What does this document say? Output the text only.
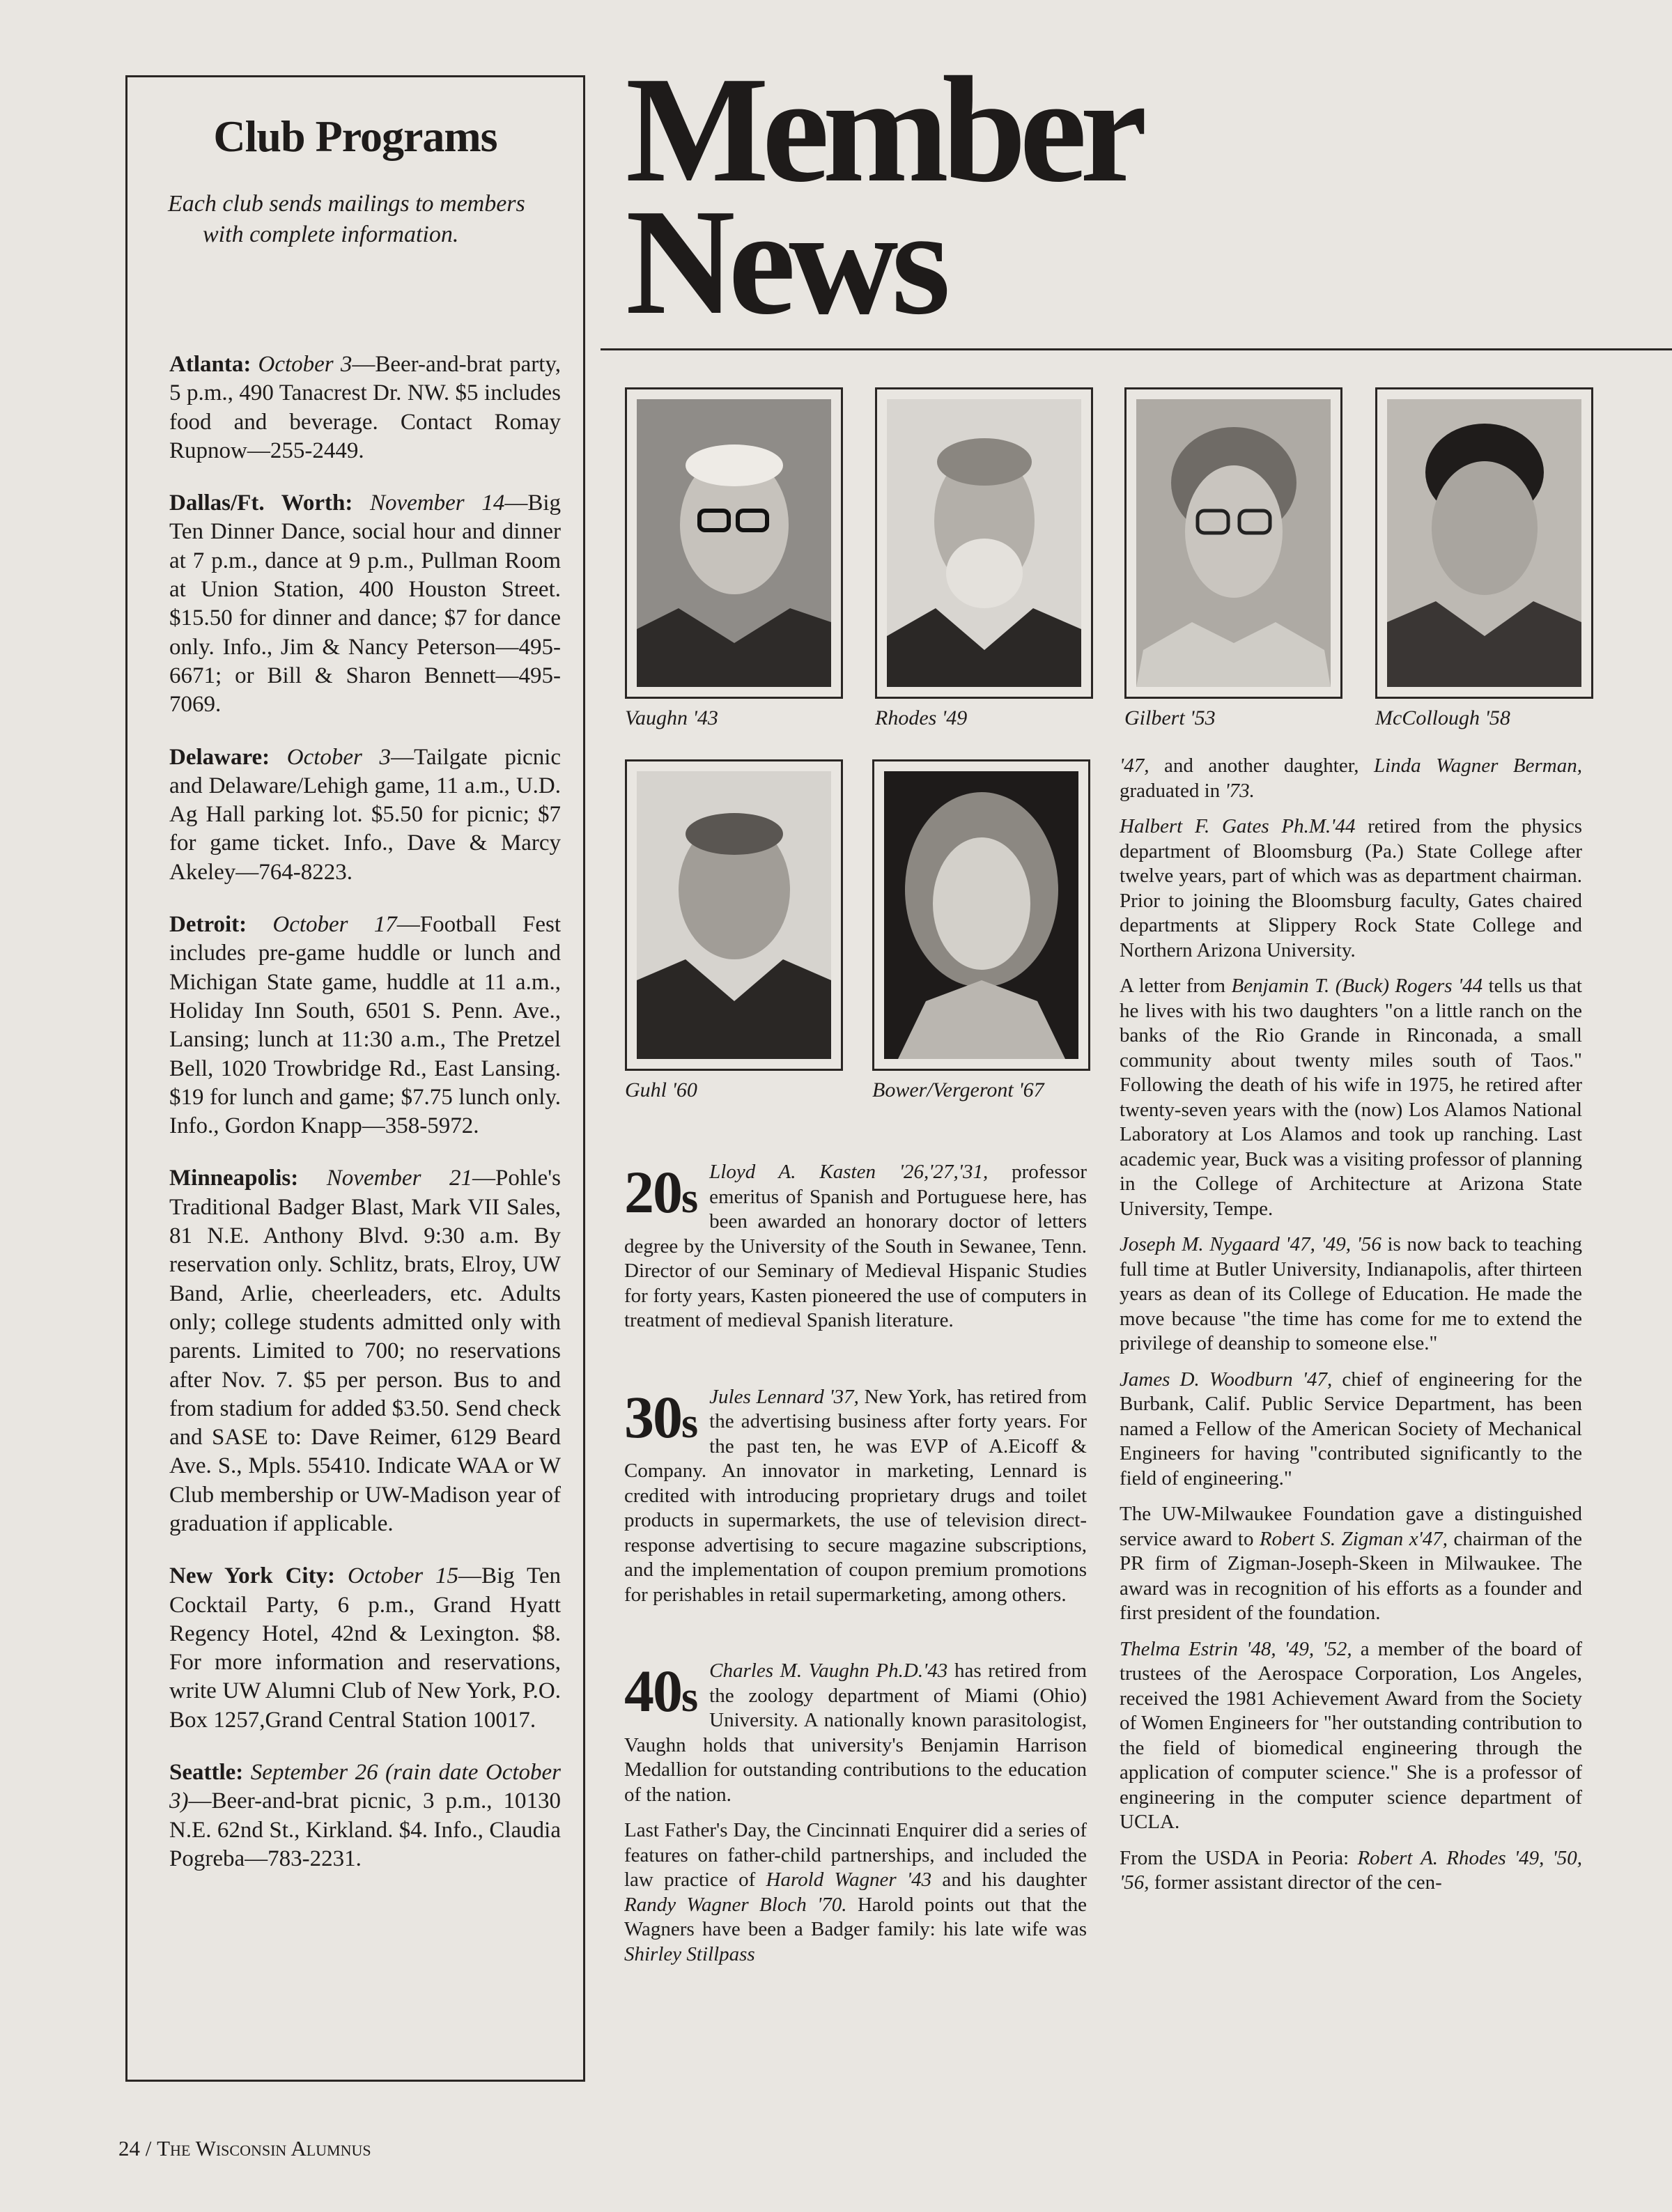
Club Programs
Each club sends mailings to members
with complete information.

Atlanta: October 3—Beer-and-brat party, 5 p.m., 490 Tanacrest Dr. NW. $5 includes food and beverage. Contact Romay Rupnow—255-2449.

Dallas/Ft. Worth: November 14—Big Ten Dinner Dance, social hour and dinner at 7 p.m., dance at 9 p.m., Pullman Room at Union Station, 400 Houston Street. $15.50 for dinner and dance; $7 for dance only. Info., Jim & Nancy Peterson—495-6671; or Bill & Sharon Bennett—495-7069.

Delaware: October 3—Tailgate picnic and Delaware/Lehigh game, 11 a.m., U.D. Ag Hall parking lot. $5.50 for picnic; $7 for game ticket. Info., Dave & Marcy Akeley—764-8223.

Detroit: October 17—Football Fest includes pre-game huddle or lunch and Michigan State game, huddle at 11 a.m., Holiday Inn South, 6501 S. Penn. Ave., Lansing; lunch at 11:30 a.m., The Pretzel Bell, 1020 Trowbridge Rd., East Lansing. $19 for lunch and game; $7.75 lunch only. Info., Gordon Knapp—358-5972.

Minneapolis: November 21—Pohle's Traditional Badger Blast, Mark VII Sales, 81 N.E. Anthony Blvd. 9:30 a.m. By reservation only. Schlitz, brats, Elroy, UW Band, Arlie, cheerleaders, etc. Adults only; college students admitted only with parents. Limited to 700; no reservations after Nov. 7. $5 per person. Bus to and from stadium for added $3.50. Send check and SASE to: Dave Reimer, 6129 Beard Ave. S., Mpls. 55410. Indicate WAA or W Club membership or UW-Madison year of graduation if applicable.

New York City: October 15—Big Ten Cocktail Party, 6 p.m., Grand Hyatt Regency Hotel, 42nd & Lexington. $8. For more information and reservations, write UW Alumni Club of New York, P.O. Box 1257,Grand Central Station 10017.

Seattle: September 26 (rain date October 3)—Beer-and-brat picnic, 3 p.m., 10130 N.E. 62nd St., Kirkland. $4. Info., Claudia Pogreba—783-2231.

Member
News
Vaughn '43	Rhodes '49	Gilbert '53	McCollough '58
Guhl '60	Bower/Vergeront '67

20s
Lloyd A. Kasten '26,'27,'31, professor emeritus of Spanish and Portuguese here, has been awarded an honorary doctor of letters degree by the University of the South in Sewanee, Tenn. Director of our Seminary of Medieval Hispanic Studies for forty years, Kasten pioneered the use of computers in treatment of medieval Spanish literature.

30s
Jules Lennard '37, New York, has retired from the advertising business after forty years. For the past ten, he was EVP of A.Eicoff & Company. An innovator in marketing, Lennard is credited with introducing proprietary drugs and toilet products in supermarkets, the use of television direct-response advertising to secure magazine subscriptions, and the implementation of coupon premium promotions for perishables in retail supermarketing, among others.

40s
Charles M. Vaughn Ph.D.'43 has retired from the zoology department of Miami (Ohio) University. A nationally known parasitologist, Vaughn holds that university's Benjamin Harrison Medallion for outstanding contributions to the education of the nation.

Last Father's Day, the Cincinnati Enquirer did a series of features on father-child partnerships, and included the law practice of Harold Wagner '43 and his daughter Randy Wagner Bloch '70. Harold points out that the Wagners have been a Badger family: his late wife was Shirley Stillpass

'47, and another daughter, Linda Wagner Berman, graduated in '73.

Halbert F. Gates Ph.M.'44 retired from the physics department of Bloomsburg (Pa.) State College after twelve years, part of which was as department chairman. Prior to joining the Bloomsburg faculty, Gates chaired departments at Slippery Rock State College and Northern Arizona University.

A letter from Benjamin T. (Buck) Rogers '44 tells us that he lives with his two daughters "on a little ranch on the banks of the Rio Grande in Rinconada, a small community about twenty miles south of Taos." Following the death of his wife in 1975, he retired after twenty-seven years with the (now) Los Alamos National Laboratory at Los Alamos and took up ranching. Last academic year, Buck was a visiting professor of planning in the College of Architecture at Arizona State University, Tempe.

Joseph M. Nygaard '47, '49, '56 is now back to teaching full time at Butler University, Indianapolis, after thirteen years as dean of its College of Education. He made the move because "the time has come for me to extend the privilege of deanship to someone else."

James D. Woodburn '47, chief of engineering for the Burbank, Calif. Public Service Department, has been named a Fellow of the American Society of Mechanical Engineers for having "contributed significantly to the field of engineering."

The UW-Milwaukee Foundation gave a distinguished service award to Robert S. Zigman x'47, chairman of the PR firm of Zigman-Joseph-Skeen in Milwaukee. The award was in recognition of his efforts as a founder and first president of the foundation.

Thelma Estrin '48, '49, '52, a member of the board of trustees of the Aerospace Corporation, Los Angeles, received the 1981 Achievement Award from the Society of Women Engineers for "her outstanding contribution to the field of biomedical engineering through the application of computer science." She is a professor of engineering in the computer science department of UCLA.

From the USDA in Peoria: Robert A. Rhodes '49, '50, '56, former assistant director of the cen-

24 / The Wisconsin Alumnus
